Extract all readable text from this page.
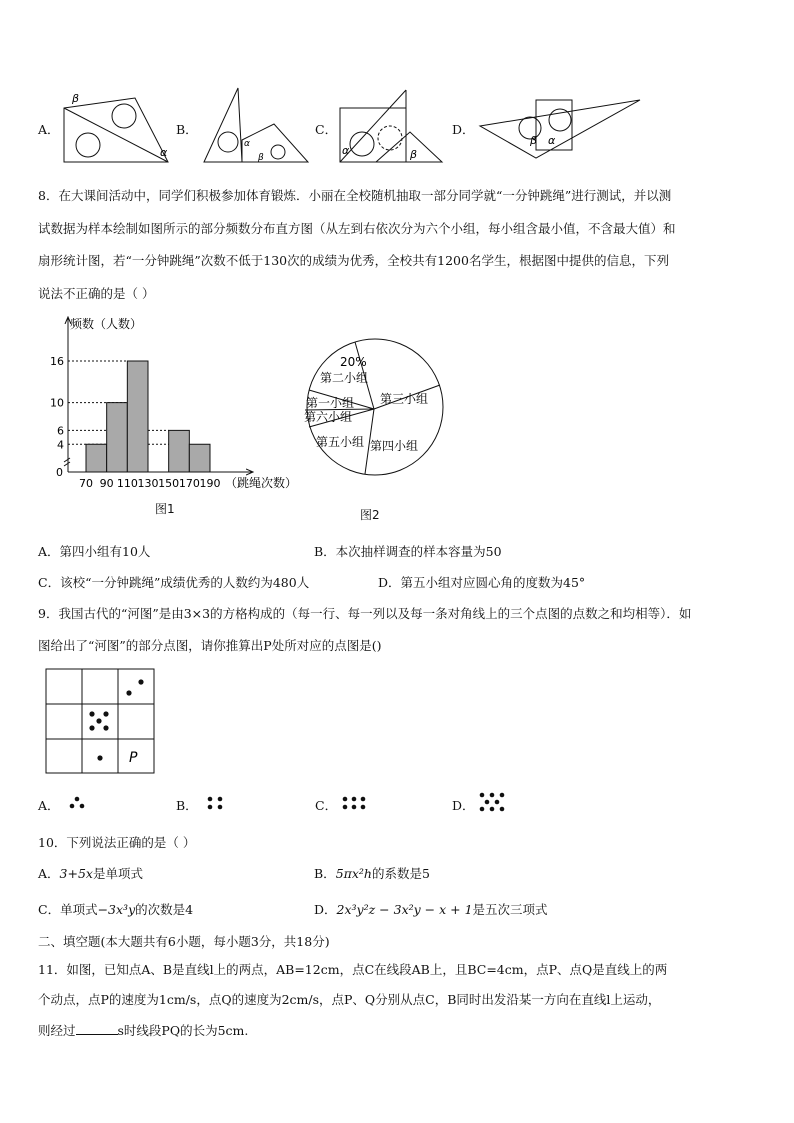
A．
β
α
B．
α
β
C．
α	β
D．
β α
8．在大课间活动中，同学们积极参加体育锻炼．小丽在全校随机抽取一部分同学就“一分钟跳绳”进行测试，并以测
试数据为样本绘制如图所示的部分频数分布直方图（从左到右依次分为六个小组，每小组含最小值，不含最大值）和
扇形统计图，若“一分钟跳绳”次数不低于130次的成绩为优秀，全校共有1200名学生，根据图中提供的信息，下列
说法不正确的是（ ）
0
4
6
10
16
70 90 110 130 150 170 190
频数（人数）
（跳绳次数）
图1
20%
第二小组
第三小组
第四小组
第五小组
第六小组
第一小组
图2
A．第四小组有10人	B．本次抽样调查的样本容量为50
C．该校“一分钟跳绳”成绩优秀的人数约为480人	D．第五小组对应圆心角的度数为45°
9．我国古代的“河图”是由3×3的方格构成的（每一行、每一列以及每一条对角线上的三个点图的点数之和均相等）．如
图给出了“河图”的部分点图，请你推算出P处所对应的点图是()
P
A．	B．	C．	D．
10．下列说法正确的是（ ）
A．3+5x是单项式	B．5πx²h的系数是5
C．单项式−3x³y的次数是4	D．2x³y²z − 3x²y − x + 1是五次三项式
二、填空题(本大题共有6小题，每小题3分，共18分)
11．如图，已知点A、B是直线l上的两点，AB=12cm，点C在线段AB上，且BC=4cm，点P、点Q是直线上的两
个动点，点P的速度为1cm/s，点Q的速度为2cm/s，点P、Q分别从点C，B同时出发沿某一方向在直线l上运动，
则经过	s时线段PQ的长为5cm.
